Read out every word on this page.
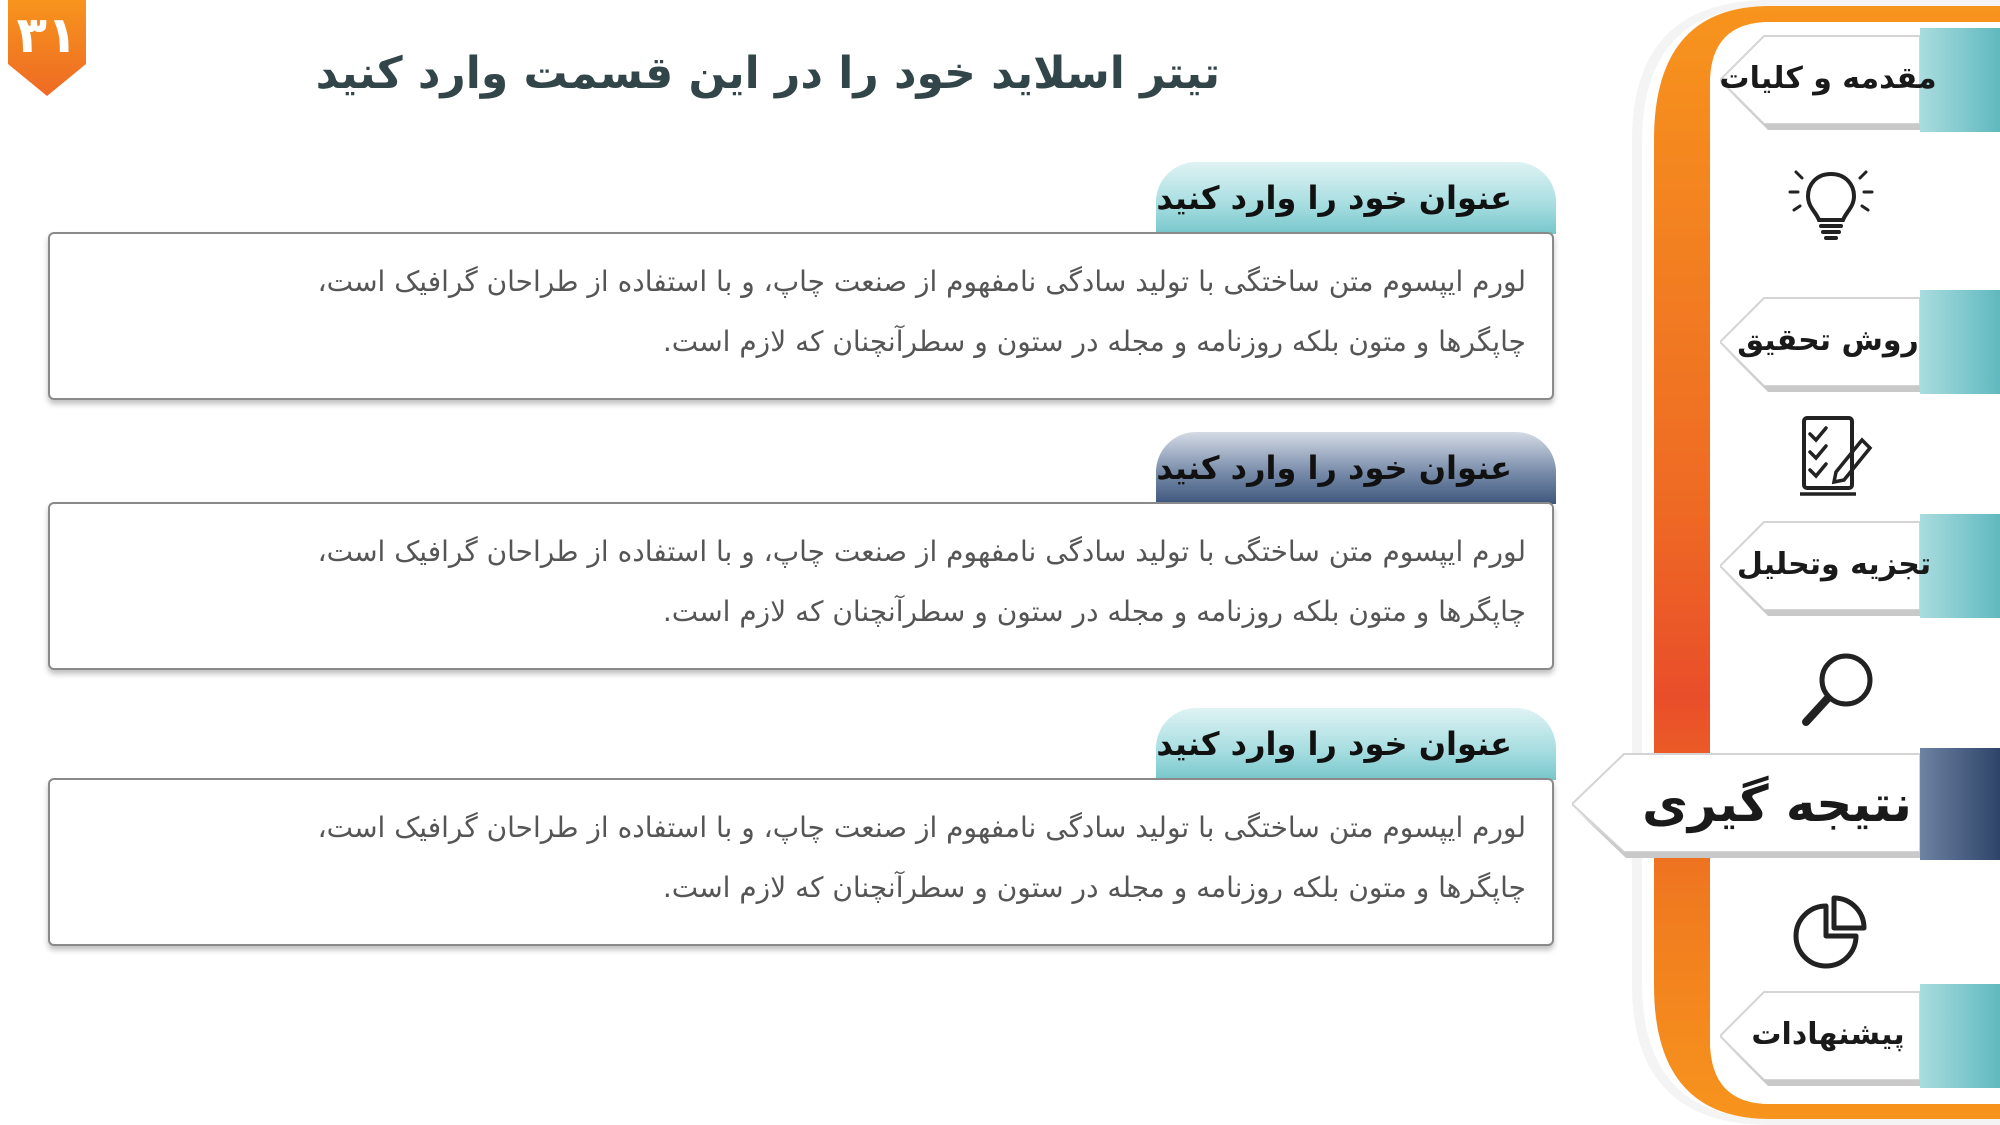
۳۱
تیتر اسلاید خود را در این قسمت وارد کنید
عنوان خود را وارد کنید
لورم ایپسوم متن ساختگی با تولید سادگی نامفهوم از صنعت چاپ، و با استفاده از طراحان گرافیک است،
چاپگرها و متون بلکه روزنامه و مجله در ستون و سطرآنچنان که لازم است.
عنوان خود را وارد کنید
لورم ایپسوم متن ساختگی با تولید سادگی نامفهوم از صنعت چاپ، و با استفاده از طراحان گرافیک است،
چاپگرها و متون بلکه روزنامه و مجله در ستون و سطرآنچنان که لازم است.
عنوان خود را وارد کنید
لورم ایپسوم متن ساختگی با تولید سادگی نامفهوم از صنعت چاپ، و با استفاده از طراحان گرافیک است،
چاپگرها و متون بلکه روزنامه و مجله در ستون و سطرآنچنان که لازم است.
مقدمه و کلیات
روش تحقیق
تجزیه وتحلیل
نتیجه گیری
پیشنهادات
